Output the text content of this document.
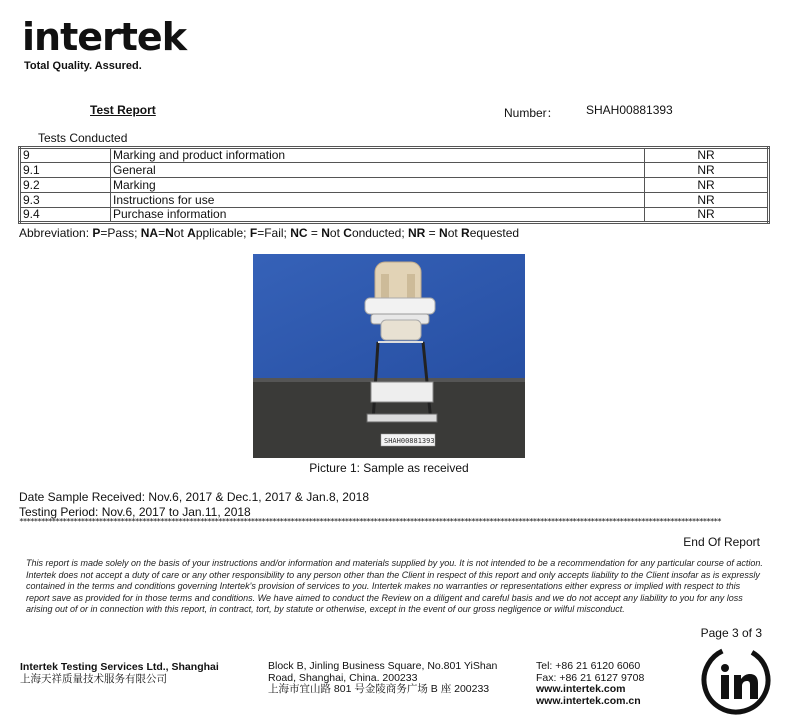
intertek
Total Quality. Assured.
Test Report	Number： SHAH00881393
Tests Conducted
9	Marking and product information	NR
9.1	General	NR
9.2	Marking	NR
9.3	Instructions for use	NR
9.4	Purchase information	NR
Abbreviation: P=Pass; NA=Not Applicable; F=Fail; NC = Not Conducted; NR = Not Requested
SHAH00881393
Picture 1: Sample as received
Date Sample Received: Nov.6, 2017 & Dec.1, 2017 & Jan.8, 2018
Testing Period: Nov.6, 2017 to Jan.11, 2018
**************************************************************************************************************************************************************************************************
End Of Report
This report is made solely on the basis of your instructions and/or information and materials supplied by you. It is not intended to be a recommendation for any particular course of action. Intertek does not accept a duty of care or any other responsibility to any person other than the Client in respect of this report and only accepts liability to the Client insofar as is expressly contained in the terms and conditions governing Intertek's provision of services to you. Intertek makes no warranties or representations either express or implied with respect to this report save as provided for in those terms and conditions. We have aimed to conduct the Review on a diligent and careful basis and we do not accept any liability to you for any loss arising out of or in connection with this report, in contract, tort, by statute or otherwise, except in the event of our gross negligence or wilful misconduct.
Page 3 of 3
Intertek Testing Services Ltd., Shanghai
上海天祥质量技术服务有限公司
Block B, Jinling Business Square, No.801 YiShan Road, Shanghai, China. 200233
上海市宜山路 801 号金陵商务广场 B 座 200233
Tel: +86 21 6120 6060
Fax: +86 21 6127 9708
www.intertek.com
www.intertek.com.cn
